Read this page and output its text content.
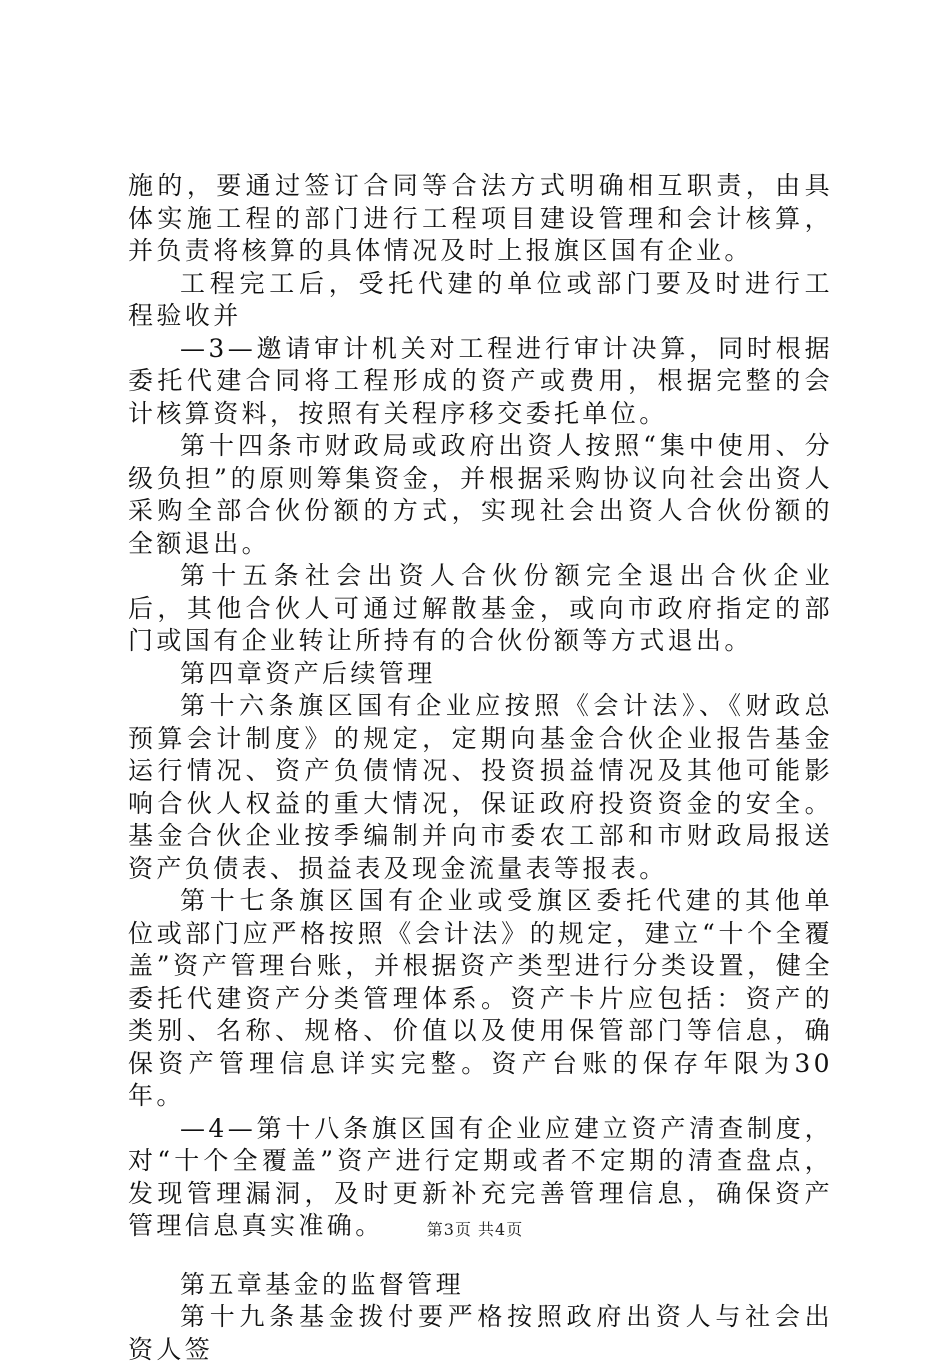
施的，要通过签订合同等合法方式明确相互职责，由具体实施工程的部门进行工程项目建设管理和会计核算，并负责将核算的具体情况及时上报旗区国有企业。

工程完工后，受托代建的单位或部门要及时进行工程验收并

—3—邀请审计机关对工程进行审计决算，同时根据委托代建合同将工程形成的资产或费用，根据完整的会计核算资料，按照有关程序移交委托单位。

第十四条市财政局或政府出资人按照“集中使用、分级负担”的原则筹集资金，并根据采购协议向社会出资人采购全部合伙份额的方式，实现社会出资人合伙份额的全额退出。

第十五条社会出资人合伙份额完全退出合伙企业后，其他合伙人可通过解散基金，或向市政府指定的部门或国有企业转让所持有的合伙份额等方式退出。

第四章资产后续管理

第十六条旗区国有企业应按照《会计法》、《财政总预算会计制度》的规定，定期向基金合伙企业报告基金运行情况、资产负债情况、投资损益情况及其他可能影响合伙人权益的重大情况，保证政府投资资金的安全。基金合伙企业按季编制并向市委农工部和市财政局报送资产负债表、损益表及现金流量表等报表。

第十七条旗区国有企业或受旗区委托代建的其他单位或部门应严格按照《会计法》的规定，建立“十个全覆盖”资产管理台账，并根据资产类型进行分类设置，健全委托代建资产分类管理体系。资产卡片应包括：资产的类别、名称、规格、价值以及使用保管部门等信息，确保资产管理信息详实完整。资产台账的保存年限为30年。

—4—第十八条旗区国有企业应建立资产清查制度，对“十个全覆盖”资产进行定期或者不定期的清查盘点，发现管理漏洞，及时更新补充完善管理信息，确保资产管理信息真实准确。

第五章基金的监督管理

第十九条基金拨付要严格按照政府出资人与社会出资人签

第3页 共4页
